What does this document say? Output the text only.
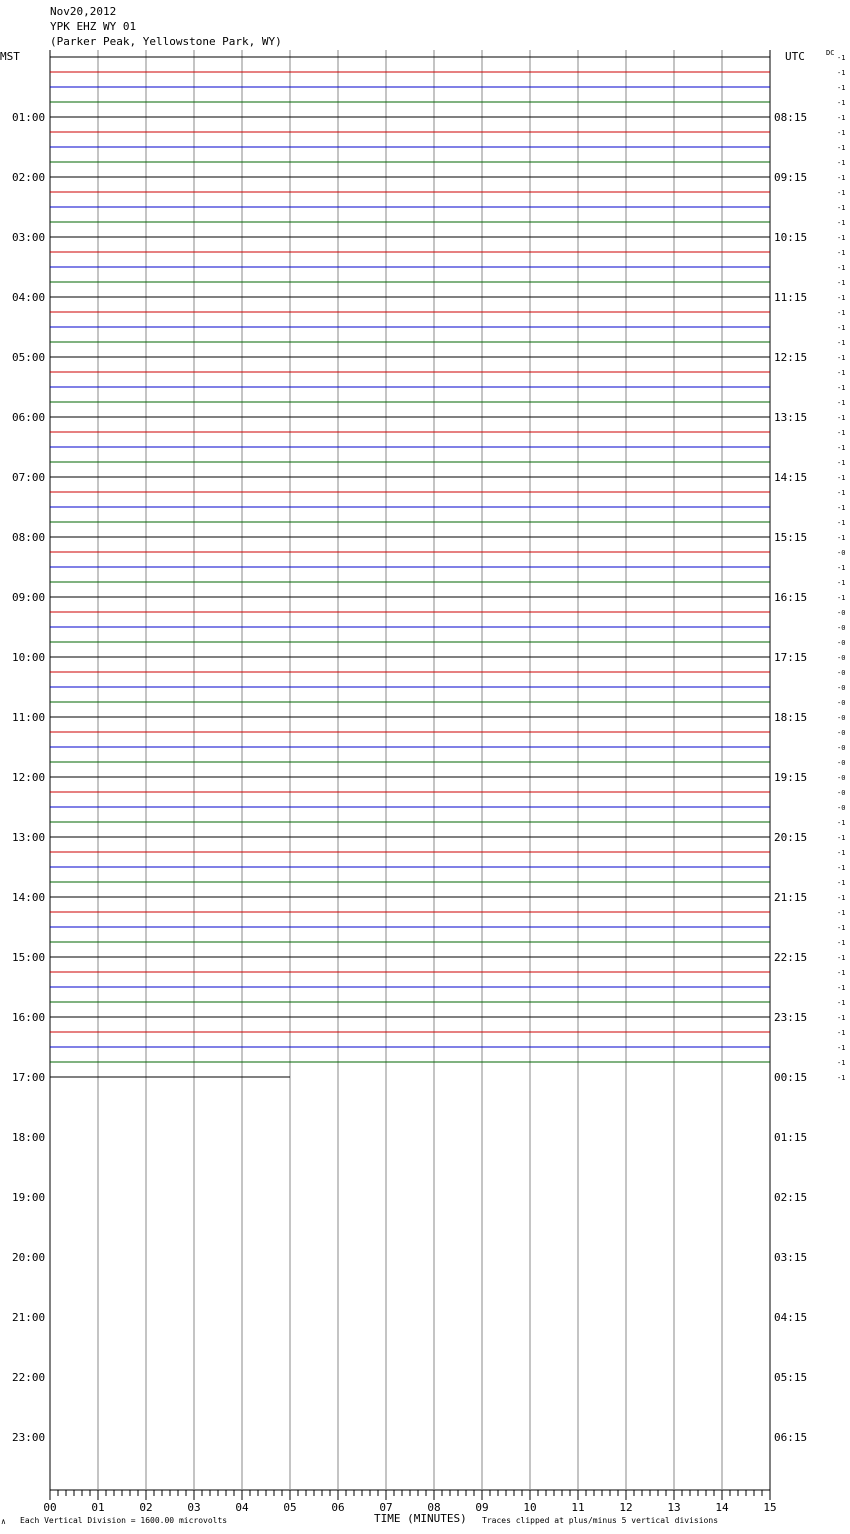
Nov20,2012
YPK EHZ WY 01
(Parker Peak, Yellowstone Park, WY)
MST	UTC	DC
-1
-1
-1
-1
-1
-1
-1
-1
-1
-1
-1
-1
-1
-1
-1
-1
-1
-1
-1
-1
-1
-1
-1
-1
-1
-1
-1
-1
-1
-1
-1
-1
-1
-0
-1
-1
-1
-0
-0
-0
-0
-0
-0
-0
-0
-0
-0
-0
-0
-0
-0
-1
-1
-1
-1
-1
-1
-1
-1
-1
-1
-1
-1
-1
-1
-1
-1
-1
-1
01:00
02:00
03:00
04:00
05:00
06:00
07:00
08:00
09:00
10:00
11:00
12:00
13:00
14:00
15:00
16:00
17:00
18:00
19:00
20:00
21:00
22:00
23:00
08:15
09:15
10:15
11:15
12:15
13:15
14:15
15:15
16:15
17:15
18:15
19:15
20:15
21:15
22:15
23:15
00:15
01:15
02:15
03:15
04:15
05:15
06:15
00	01	02	03	04	05	06	07	08	09	10	11	12	13	14	15
TIME (MINUTES)
∧ Each Vertical Division = 1600.00 microvolts	Traces clipped at plus/minus 5 vertical divisions
